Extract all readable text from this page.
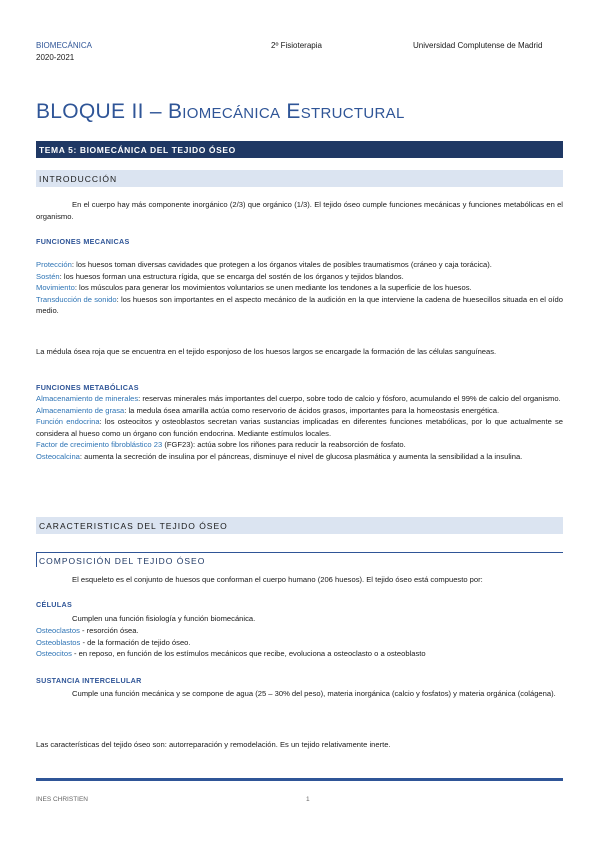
BIOMECÁNICA
2020-2021
2º Fisioterapia	Universidad Complutense de Madrid
BLOQUE II – Biomecánica Estructural
TEMA 5: BIOMECÁNICA DEL TEJIDO ÓSEO
INTRODUCCIÓN
En el cuerpo hay más componente inorgánico (2/3) que orgánico (1/3). El tejido óseo cumple funciones mecánicas y funciones metabólicas en el organismo.
FUNCIONES MECANICAS
Protección: los huesos toman diversas cavidades que protegen a los órganos vitales de posibles traumatismos (cráneo y caja torácica).
Sostén: los huesos forman una estructura rígida, que se encarga del sostén de los órganos y tejidos blandos.
Movimiento: los músculos para generar los movimientos voluntarios se unen mediante los tendones a la superficie de los huesos.
Transducción de sonido: los huesos son importantes en el aspecto mecánico de la audición en la que interviene la cadena de huesecillos situada en el oído medio.
La médula ósea roja que se encuentra en el tejido esponjoso de los huesos largos se encargade la formación de las células sanguíneas.
FUNCIONES METABÓLICAS
Almacenamiento de minerales: reservas minerales más importantes del cuerpo, sobre todo de calcio y fósforo, acumulando el 99% de calcio del organismo.
Almacenamiento de grasa: la medula ósea amarilla actúa como reservorio de ácidos grasos, importantes para la homeostasis energética.
Función endocrina: los osteocitos y osteoblastos secretan varias sustancias implicadas en diferentes funciones metabólicas, por lo que actualmente se considera al hueso como un órgano con función endocrina. Mediante estímulos locales.
Factor de crecimiento fibroblástico 23 (FGF23): actúa sobre los riñones para reducir la reabsorción de fosfato.
Osteocalcina: aumenta la secreción de insulina por el páncreas, disminuye el nivel de glucosa plasmática y aumenta la sensibilidad a la insulina.
CARACTERISTICAS DEL TEJIDO ÓSEO
COMPOSICIÓN DEL TEJIDO ÓSEO
El esqueleto es el conjunto de huesos que conforman el cuerpo humano (206 huesos). El tejido óseo está compuesto por:
CÉLULAS
Cumplen una función fisiología y función biomecánica.
Osteoclastos - resorción ósea.
Osteoblastos - de la formación de tejido óseo.
Osteocitos - en reposo, en función de los estímulos mecánicos que recibe, evoluciona a osteoclasto o a osteoblasto
SUSTANCIA INTERCELULAR
Cumple una función mecánica y se compone de agua (25 – 30% del peso), materia inorgánica (calcio y fosfatos) y materia orgánica (colágena).
Las características del tejido óseo son: autorreparación y remodelación. Es un tejido relativamente inerte.
INES CHRISTIEN	1
